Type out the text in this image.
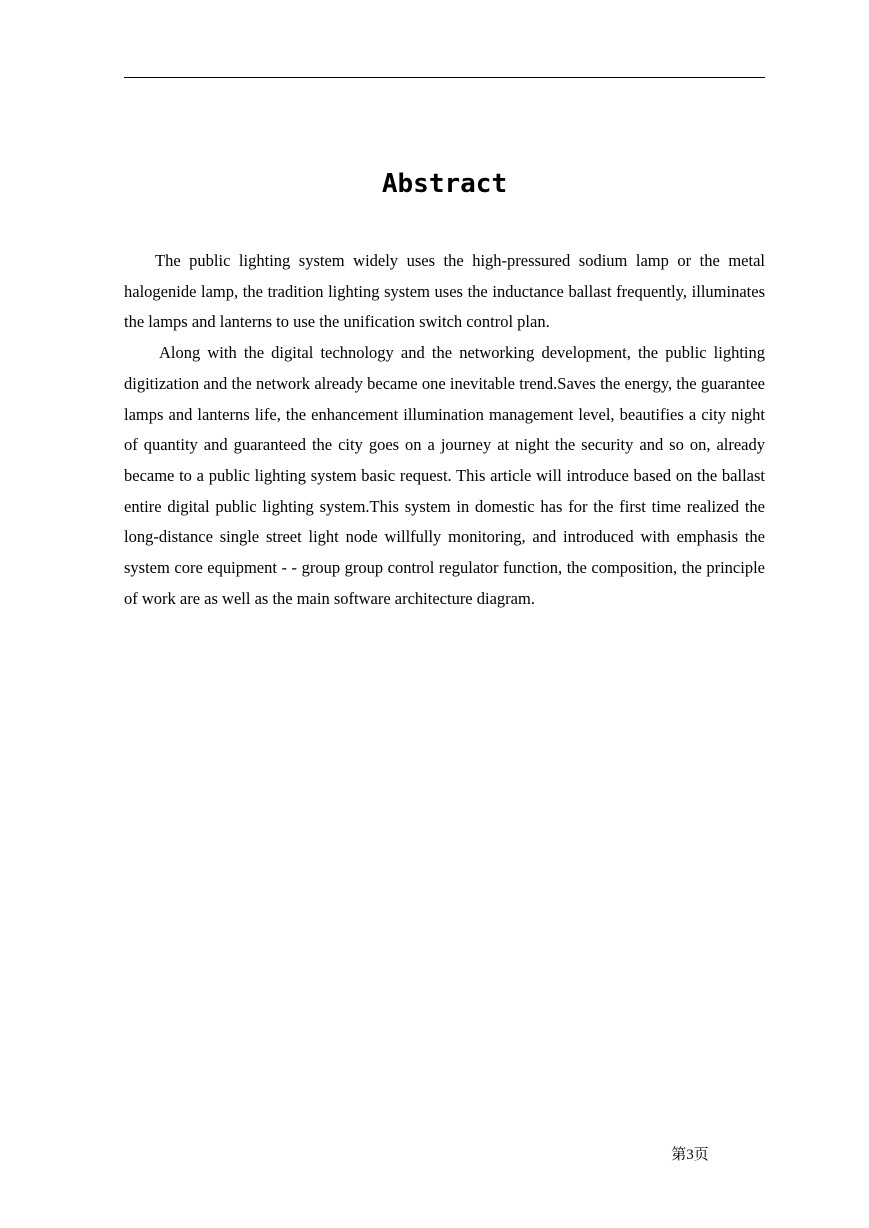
Abstract

The public lighting system widely uses the high-pressured sodium lamp or the metal halogenide lamp, the tradition lighting system uses the inductance ballast frequently, illuminates the lamps and lanterns to use the unification switch control plan.

Along with the digital technology and the networking development, the public lighting digitization and the network already became one inevitable trend.Saves the energy, the guarantee lamps and lanterns life, the enhancement illumination management level, beautifies a city night of quantity and guaranteed the city goes on a journey at night the security and so on, already became to a public lighting system basic request. This article will introduce based on the ballast entire digital public lighting system.This system in domestic has for the first time realized the long-distance single street light node willfully monitoring, and introduced with emphasis the system core equipment - - group group control regulator function, the composition, the principle of work are as well as the main software architecture diagram.

第3页
